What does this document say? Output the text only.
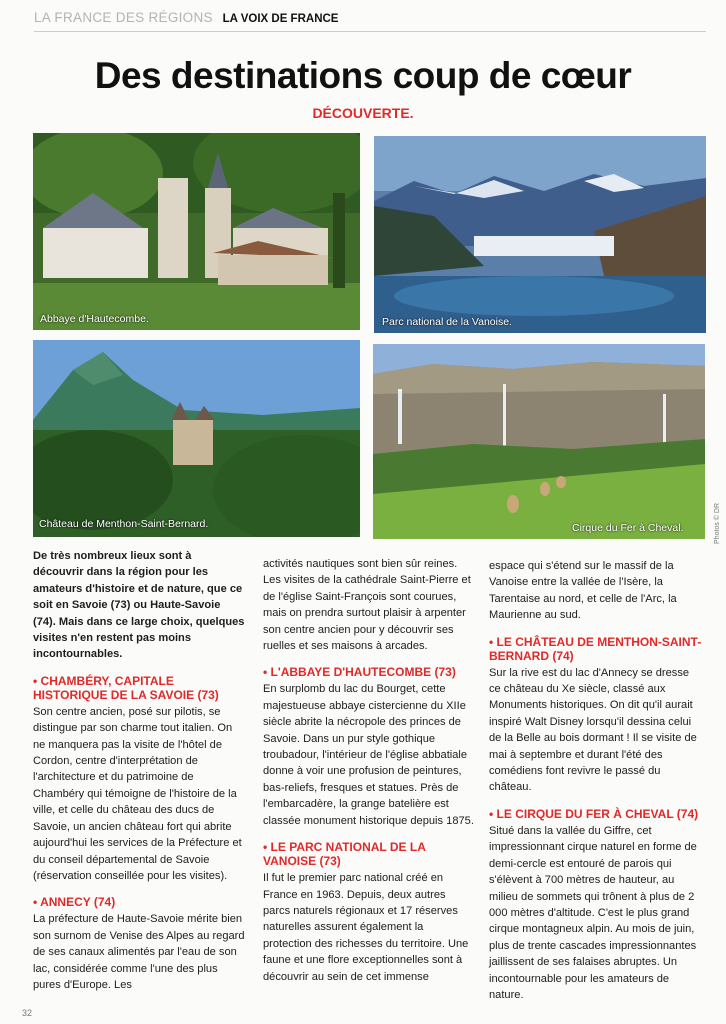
LA FRANCE DES RÉGIONS LA VOIX DE FRANCE
Des destinations coup de cœur
DÉCOUVERTE.
Abbaye d'Hautecombe.	Parc national de la Vanoise.
Château de Menthon-Saint-Bernard.	Cirque du Fer à Cheval.	Photos © DR

De très nombreux lieux sont à découvrir dans la région pour les amateurs d'histoire et de nature, que ce soit en Savoie (73) ou Haute-Savoie (74). Mais dans ce large choix, quelques visites n'en restent pas moins incontournables.

• CHAMBÉRY, CAPITALE HISTORIQUE DE LA SAVOIE (73)

Son centre ancien, posé sur pilotis, se distingue par son charme tout italien. On ne manquera pas la visite de l'hôtel de Cordon, centre d'interprétation de l'architecture et du patrimoine de Chambéry qui témoigne de l'histoire de la ville, et celle du château des ducs de Savoie, un ancien château fort qui abrite aujourd'hui les services de la Préfecture et du conseil départemental de Savoie (réservation conseillée pour les visites).

• ANNECY (74)

La préfecture de Haute-Savoie mérite bien son surnom de Venise des Alpes au regard de ses canaux alimentés par l'eau de son lac, considérée comme l'une des plus pures d'Europe. Les

activités nautiques sont bien sûr reines. Les visites de la cathédrale Saint-Pierre et de l'église Saint-François sont courues, mais on prendra surtout plaisir à arpenter son centre ancien pour y découvrir ses ruelles et ses maisons à arcades.

• L'ABBAYE D'HAUTECOMBE (73)

En surplomb du lac du Bourget, cette majestueuse abbaye cistercienne du XIIe siècle abrite la nécropole des princes de Savoie. Dans un pur style gothique troubadour, l'intérieur de l'église abbatiale donne à voir une profusion de peintures, bas-reliefs, fresques et statues. Près de l'embarcadère, la grange batelière est classée monument historique depuis 1875.

• LE PARC NATIONAL DE LA VANOISE (73)

Il fut le premier parc national créé en France en 1963. Depuis, deux autres parcs naturels régionaux et 17 réserves naturelles assurent également la protection des richesses du territoire. Une faune et une flore exceptionnelles sont à découvrir au sein de cet immense

espace qui s'étend sur le massif de la Vanoise entre la vallée de l'Isère, la Tarentaise au nord, et celle de l'Arc, la Maurienne au sud.

• LE CHÂTEAU DE MENTHON-SAINT-BERNARD (74)

Sur la rive est du lac d'Annecy se dresse ce château du Xe siècle, classé aux Monuments historiques. On dit qu'il aurait inspiré Walt Disney lorsqu'il dessina celui de la Belle au bois dormant ! Il se visite de mai à septembre et durant l'été des comédiens font revivre le passé du château.

• LE CIRQUE DU FER À CHEVAL (74)

Situé dans la vallée du Giffre, cet impressionnant cirque naturel en forme de demi-cercle est entouré de parois qui s'élèvent à 700 mètres de hauteur, au milieu de sommets qui trônent à plus de 2 000 mètres d'altitude. C'est le plus grand cirque montagneux alpin. Au mois de juin, plus de trente cascades impressionnantes jaillissent de ses falaises abruptes. Un incontournable pour les amateurs de nature.

32
